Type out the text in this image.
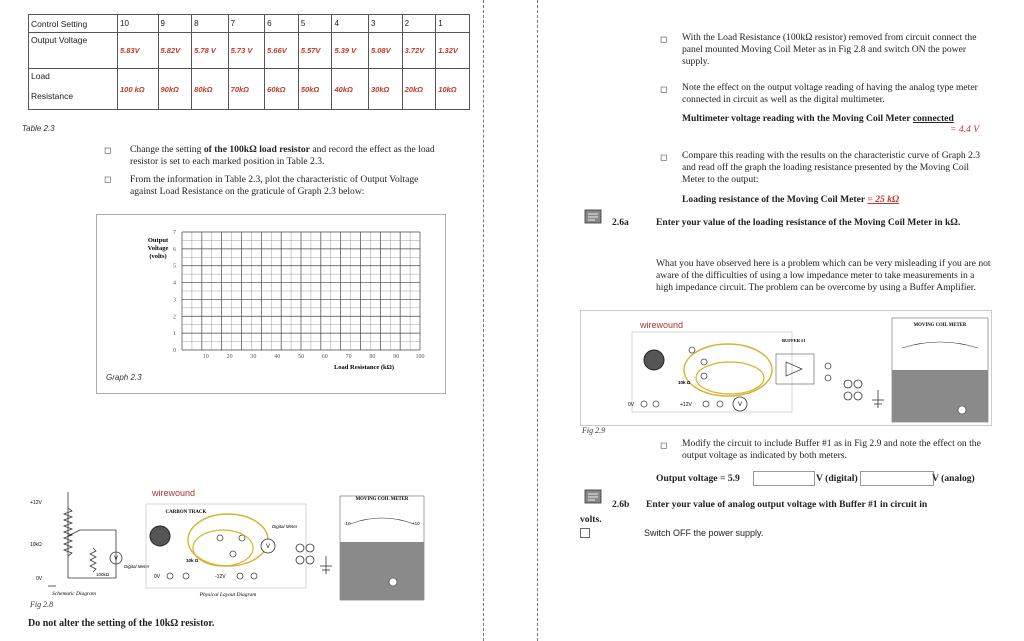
Control Setting	10	9	8	7	6	5	4	3	2	1
Output Voltage	5.83V	5.82V	5.78 V	5.73 V	5.66V	5.57V	5.39 V	5.08V	3.72V	1.32V

Load
Resistance	100 kΩ	90kΩ	80kΩ	70kΩ	60kΩ	50kΩ	40kΩ	30kΩ	20kΩ	10kΩ
Table 2.3
◻ Change the setting of the 100kΩ load resistor and record the effect as the load resistor is set to each marked position in Table 2.3.
◻ From the information in Table 2.3, plot the characteristic of Output Voltage against Load Resistance on the graticule of Graph 2.3 below:
0
1
2
3
4
5
6
7
10	20	30	40	50	60	70	80	90	100
Output
Voltage
(volts)
Load Resistance (kΩ)
Graph 2.3
V
+12V
10kΩ
0V
100kΩ
Digital Meter
Schematic Diagram
wirewound
CARBON TRACK
V
Digital Meter
10k Ω
0V	-12V
Physical Layout Diagram
MOVING COIL METER
-10	+10
Fig 2.8
Do not alter the setting of the 10kΩ resistor.
◻ With the Load Resistance (100kΩ resistor) removed from circuit connect the panel mounted Moving Coil Meter as in Fig 2.8 and switch ON the power supply.
◻ Note the effect on the output voltage reading of having the analog type meter connected in circuit as well as the digital multimeter.
Multimeter voltage reading with the Moving Coil Meter connected
= 4.4 V
◻ Compare this reading with the results on the characteristic curve of Graph 2.3 and read off the graph the loading resistance presented by the Moving Coil Meter to the output:
Loading resistance of the Moving Coil Meter = 25 kΩ
2.6a	Enter your value of the loading resistance of the Moving Coil Meter in kΩ.
What you have observed here is a problem which can be very misleading if you are not aware of the difficulties of using a low impedance meter to take measurements in a high impedance circuit. The problem can be overcome by using a Buffer Amplifier.
wirewound
10k Ω
BUFFER #1
0V	+12V	V
MOVING COIL METER
Fig 2.9
◻ Modify the circuit to include Buffer #1 as in Fig 2.9 and note the effect on the output voltage as indicated by both meters.
Output voltage = 5.9	V (digital)	V (analog)
2.6b Enter your value of analog output voltage with Buffer #1 in circuit in
volts.
Switch OFF the power supply.
